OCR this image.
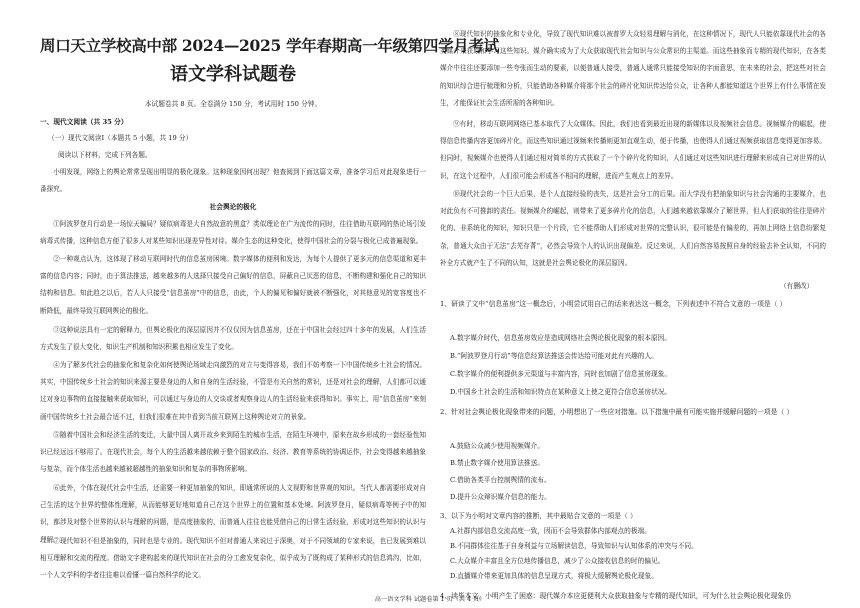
周口天立学校高中部 2024—2025 学年春期高一年级第四学月考试
语文学科试题卷
本试题卷共 8 页。全卷满分 150 分，考试用时 150 分钟。
一、现代文阅读（共 35 分）
（一）现代文阅读Ⅰ（本题共 5 小题，共 19 分）
阅读以下材料，完成下列各题。

小明发现，网络上的舆论常常呈现出明显的极化现象。这种现象因何出现？他查阅到下面这篇文章，准备学习后对此现象进行一番探究。

社会舆论的极化

①阿波罗登月行动是一场惊天骗局？疑似病毒是大自然故意的黑盒？类似理论在广为流传的同时，往往借助互联网的热论场引发病毒式传播，这种信息方便了很多人对某些知识出现差异性对待。媒介生态的这种变化，使得中国社会的分裂与极化已成普遍现象。

②一种观点认为，这体现了移动互联网时代的信息茧房困境。数字媒体的便利和发达，为每个人提供了更多元的信息渠道和更丰富的信息内容；同时，由于算法推送，越来越多的人选择只接受自己偏好的信息，屏蔽自己厌恶的信息，不断构建和强化自己的知识结构和信息。知此趋之以后，若人人只接受“信息茧房”中的信息，由此，个人的偏见和偏好就被不断强化，对其他意见的宽容度也不断降低，最终导致互联网舆论的极化。

③这种说法具有一定的解释力，但舆论极化的深层原因并不仅仅因为信息茧房，还在于中国社会经过四十多年的发展，人们生活方式发生了很大变化，知识生产机制和知识积累也相应发生了变化。

④为了解多代社会的抽象化和复杂化如何使舆论场域走向激烈的对立与变得容易，我们不妨考察一下中国传统乡土社会的情况。其实，中国传统乡土社会的知识来源主要是身边的人和自身的生活经验，不管是有关自然的常识，还是对社会的理解，人们都可以通过对身边事物的直接接触来获取知识，可以通过与身边的人交谈或者观察身边人的生活经验来获得知识。事实上，用“信息茧房”来刻画中国传统乡土社会最合适不过，但我们很难在其中看到当前互联网上这种舆论对立的景象。

⑤随着中国社会和经济生活的变迁，大量中国人离开故乡来到陌生的城市生活，在陌生环境中，原来在故乡形成的一套经验性知识已经远远不够用了。在现代社会，每个人的生活越来越依赖于整个国家政治、经济、教育等系统的协调运作，社会变得越来越抽象与复杂，而个体生活也越来越被超越性的抽象知识和复杂的事物所影响。

⑥此外，个体在现代社会中生活，还需要一种更加抽象的知识，即通常所说的人文视野和世界观的知识。当代人都需要形成对自己生活的这个世界的整体性理解，从而能够更好地知道自己在这个世界上的位置和基本处境。阿波罗登月，疑似病毒等例子中的知识，都涉及对整个世界的认识与理解的问题，是高度抽象的，而普通人往往也能凭借自己的日常生活经验，形成对这些知识的认识与理解。

⑦现代知识不但是抽象的，同时也是专业的。现代知识不但对普通人来说过于深奥，对于不同领域的专家来说，也已发展到难以相互理解和交流的程度。借助文字建构起来的现代知识在社会的分工愈发复杂化，似乎成为了既构成了某种形式的信息鸿沟，比如，一个人文学科的学者往往难以看懂一篇自然科学的论文。

⑧现代知识的抽象化和专业化，导致了现代知识难以被普罗大众轻易理解与消化，在这种情况下，现代人只能依靠现代社会的各类媒介来获取和学习这些知识。媒介确实成为了大众获取现代社会知识与公众常识的主渠道。而这些抽象而专精的现代知识，在各类媒介中往往还要添加一些夸张而生动的要素，以便普通人接受，普通人通常只能接受知识的字面意思，在未来的社会，把这些对社会的知识综合进行梳理和分析，只能借助各种媒介将那个社会的碎片化知识传达给公众，让各种人都能知道这个世界上有什么事情在发生，才能保证社会生活所需的各种知识。

⑨有时，移动互联网网络已基本取代了大众媒体。因此，我们也看到最近出现的新媒体以及视频社会信息。视频媒介的崛起，使得信息传播内容更加碎片化，而这些知识通过视频来传播则更加直观生动，便于传播，也使得人们通过视频获取信息变得更加容易。但同时，视频媒介也使得人们通过相对简单的方式获取了一个个碎片化的知识，人们通过对这些知识进行理解来形成自己对世界的认识，在这个过程中，人们很可能会形成各不相同的理解，进而产生观点上的差异。

⑩现代社会的一个巨大后果，是个人直接经验的丧失，这是社会分工的后果。而大学没有把抽象知识与社会沟通的主要媒介，也对此负有不可推卸的责任。视频媒介的崛起，则带来了更多碎片化的信息，人们越来越依靠媒介了解世界，但人们获取的往往是碎片化的、非系统化的知识，知识只是一个片段，它不能帮助人们形成对世界的完整认识，很可能是有偏差的，再加上网络上信息纷繁复杂，普通大众由于无法“去芜存菁”，必然会导致个人的认识出现偏差。反过来说，人们自然容易按照自身的经验去补全认知，不同的补全方式就产生了不同的认知，这就是社会舆论极化的深层原因。

（有删改）

1、研读了文中“信息茧房”这一概念后，小明尝试用自己的话来表达这一概念，下列表述中不符合文意的一项是（ ）

A.数字媒介时代，信息茧房效应是造成网络社会舆论极化现象的根本原因。
B.“阿波罗登月行动”等信息经算法推送会传达给可能对此有兴趣的人。
C.数字媒介的便利提供多元渠道与丰富内容，同时也加剧了信息茧房现象。
D.中国乡土社会的生活和知识特点在某种意义上使之更符合信息茧房状况。

2、针对社会舆论极化现象带来的问题，小明想出了一些应对措施。以下措施中最有可能实施并缓解问题的一项是（ ）

A.鼓励公众减少使用视频媒介。
B.禁止数字媒介使用算法推送。
C.借助各类平台控制舆情的流布。
D.提升公众辩识媒介信息的能力。

3、以下为小明对文章内容的推断，其中最贴合文意的一项是（ ）

A.社群内部信息交流高度一致，因而不会导致群体内部观点的极端。
B.不同群体往往基于自身利益与立场解读信息，导致知识与认知体系的冲突与不同。
C.大众媒介丰富且全方位地传播信息，减少了公众接收信息的时的偏见。
D.直播媒介带来更加具体的信息呈现方式，将极大缓解舆论极化现象。

4、读毕本文，小明产生了困惑：现代媒介本应更便利大众获取抽象与专精的现代知识，可为什么社会舆论极化现象仍

高一语文学科 试题卷第 1 页（共 4 页）
